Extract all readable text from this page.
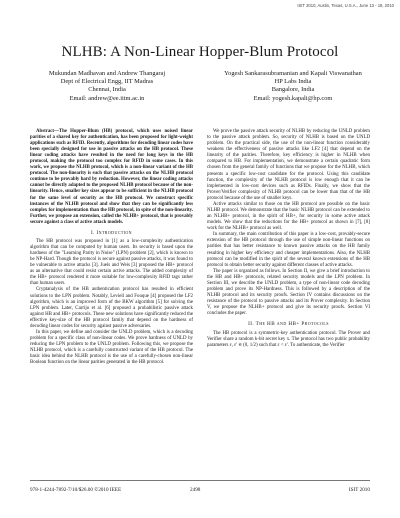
ISIT 2010, Austin, Texas, U.S.A., June 13 - 18, 2010
NLHB: A Non-Linear Hopper-Blum Protocol
Mukundan Madhavan and Andrew Thangaraj
Dept of Electrical Engg, IIT Madras
Chennai, India
Email: andrew@ee.iitm.ac.in
Yogesh Sankarasubramanian and Kapali Viswanathan
HP Labs India
Bangalore, India
Email: yogesh.kapali@hp.com

Abstract—The Hopper-Blum (HB) protocol, which uses noised linear parities of a shared key for authentication, has been proposed for light-weight applications such as RFID. Recently, algorithms for decoding linear codes have been specially designed for use in passive attacks on the HB protocol. These linear coding attacks have resulted in the need for long keys in the HB protocol, making the protocol too complex for RFID in some cases. In this work, we propose the NLHB protocol, which is a non-linear variant of the HB protocol. The non-linearity is such that passive attacks on the NLHB protocol continue to be provably hard by reduction. However, the linear coding attacks cannot be directly adapted to the proposed NLHB protocol because of the non-linearity. Hence, smaller key sizes appear to be sufficient in the NLHB protocol for the same level of security as the HB protocol. We construct specific instances of the NLHB protocol and show that they can be significantly less complex for implementation than the HB protocol, in spite of the non-linearity. Further, we propose an extension, called the NLHB+ protocol, that is provably secure against a class of active attack models.

I. Introduction

The HB protocol was proposed in [1] as a low-complexity authentication algorithm that can be computed by human users. Its security is based upon the hardness of the "Learning Parity in Noise" (LPN) problem [2], which is known to be NP-Hard. Though the protocol is secure against passive attacks, it was found to be vulnerable to active attacks [3]. Juels and Weis [3] proposed the HB+ protocol as an alternative that could resist certain active attacks. The added complexity of the HB+ protocol rendered it more suitable for low-complexity RFID tags rather than human users.

Cryptanalysis of the HB authentication protocol has resulted in efficient solutions to the LPN problem. Notably, Levieil and Fouque [4] proposed the LF2 algorithm, which is an improved form of the BKW algorithm [5] for solving the LPN problem. Later, Carrijo et al. [6] proposed a probabilistic passive attack against HB and HB+ protocols. These new solutions have significantly reduced the effective key-size of the HB protocol family that depend on the hardness of decoding linear codes for security against passive adversaries.

In this paper, we define and consider the UNLD problem, which is a decoding problem for a specific class of non-linear codes. We prove hardness of UNLD by reducing the LPN problem to the UNLD problem. Following this, we propose the NLHB protocol, which is a carefully constructed variant of the HB protocol. The basic idea behind the NLHB protocol is the use of a carefully-chosen non-linear Boolean function on the linear parities generated in the HB protocol.

We prove the passive attack security of NLHB by reducing the UNLD problem to the passive attack problem. So, security of NLHB is based on the UNLD problem. On the practical side, the use of the non-linear function considerably weakens the effectiveness of passive attacks like LF2 [4] that depend on the linearity of the parities. Therefore, key efficiency is higher in NLHB when compared to HB. For implementation, we demonstrate a certain quadratic form chosen from the general family of functions that we propose for the NLHB, which presents a specific low-cost candidate for the protocol. Using this candidate function, the complexity of the NLHB protocol is low enough that it can be implemented in low-cost devices such as RFIDs. Finally, we show that the Prover/Verifier complexity of NLHB protocol can be lower than that of the HB protocol because of the use of smaller keys.

Active attacks similar to those on the HB protocol are possible on the basic NLHB protocol. We demonstrate that the basic NLHB protocol can be extended to an NLHB+ protocol, in the spirit of HB+, for security in some active attack models. We show that the reductions for the HB+ protocol as shown in [7], [8] work for the NLHB+ protocol as well.

In summary, the main contribution of this paper is a low-cost, provably-secure extension of the HB protocol through the use of simple non-linear functions on parities that has better resistance to known passive attacks on the HB family resulting in higher key efficiency and cheaper implementations. Also, the NLHB protocol can be modified in the spirit of the several known extensions of the HB protocol to obtain better security against different classes of active attacks.

The paper is organized as follows. In Section II, we give a brief introduction to the HB and HB+ protocols, related security models and the LPN problem. In Section III, we describe the UNLD problem, a type of non-linear code decoding problem and prove its NP-Hardness. This is followed by a description of the NLHB protocol and its security proofs. Section IV contains discussions on the resistance of the protocol to passive attacks and its Prover complexity. In Section V, we propose the NLHB+ protocol and give its security proofs. Section VI concludes the paper.

II. The HB and HB+ Protocols

The HB protocol is a symmetric-key authentication protocol. The Prover and Verifier share a random k-bit secret key x. The protocol has two public probability parameters ε, ε' ∈ (0, 1/2) such that ε < ε'. To authenticate, the Verifier

978-1-4244-7892-7/10/$26.00 ©2010 IEEE	2498	ISIT 2010
